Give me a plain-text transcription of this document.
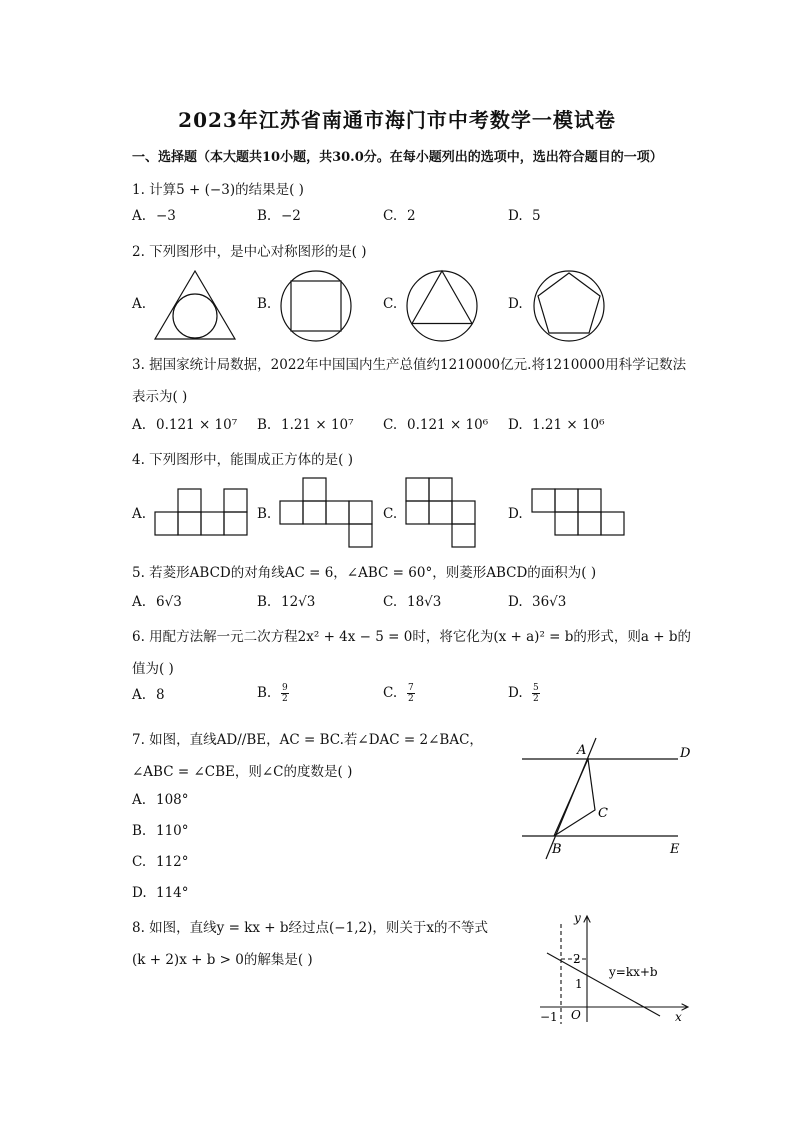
2023年江苏省南通市海门市中考数学一模试卷
一、选择题（本大题共10小题，共30.0分。在每小题列出的选项中，选出符合题目的一项）
1. 计算5 + (−3)的结果是( )
A. −3	B. −2	C. 2	D. 5
2. 下列图形中，是中心对称图形的是( )
A.	B.	C.	D.
3. 据国家统计局数据，2022年中国国内生产总值约1210000亿元.将1210000用科学记数法
表示为( )
A. 0.121 × 10⁷ B. 1.21 × 10⁷ C. 0.121 × 10⁶ D. 1.21 × 10⁶
4. 下列图形中，能围成正方体的是( )
A.	B.	C.	D.
5. 若菱形ABCD的对角线AC = 6，∠ABC = 60°，则菱形ABCD的面积为( )
A. 6√3	B. 12√3	C. 18√3	D. 36√3
6. 用配方法解一元二次方程2x² + 4x − 5 = 0时，将它化为(x + a)² = b的形式，则a + b的
值为( )
A. 8	B. $\frac{9}{2}$	C. $\frac{7}{2}$	D. $\frac{5}{2}$
7. 如图，直线AD//BE，AC = BC.若∠DAC = 2∠BAC，
∠ABC = ∠CBE，则∠C的度数是( )
A. 108°
B. 110°
C. 112°
D. 114°
A	D
C
B	E
8. 如图，直线y = kx + b经过点(−1,2)，则关于x的不等式
(k + 2)x + b > 0的解集是( )
y
x
O
2
1
−1
y=kx+b
